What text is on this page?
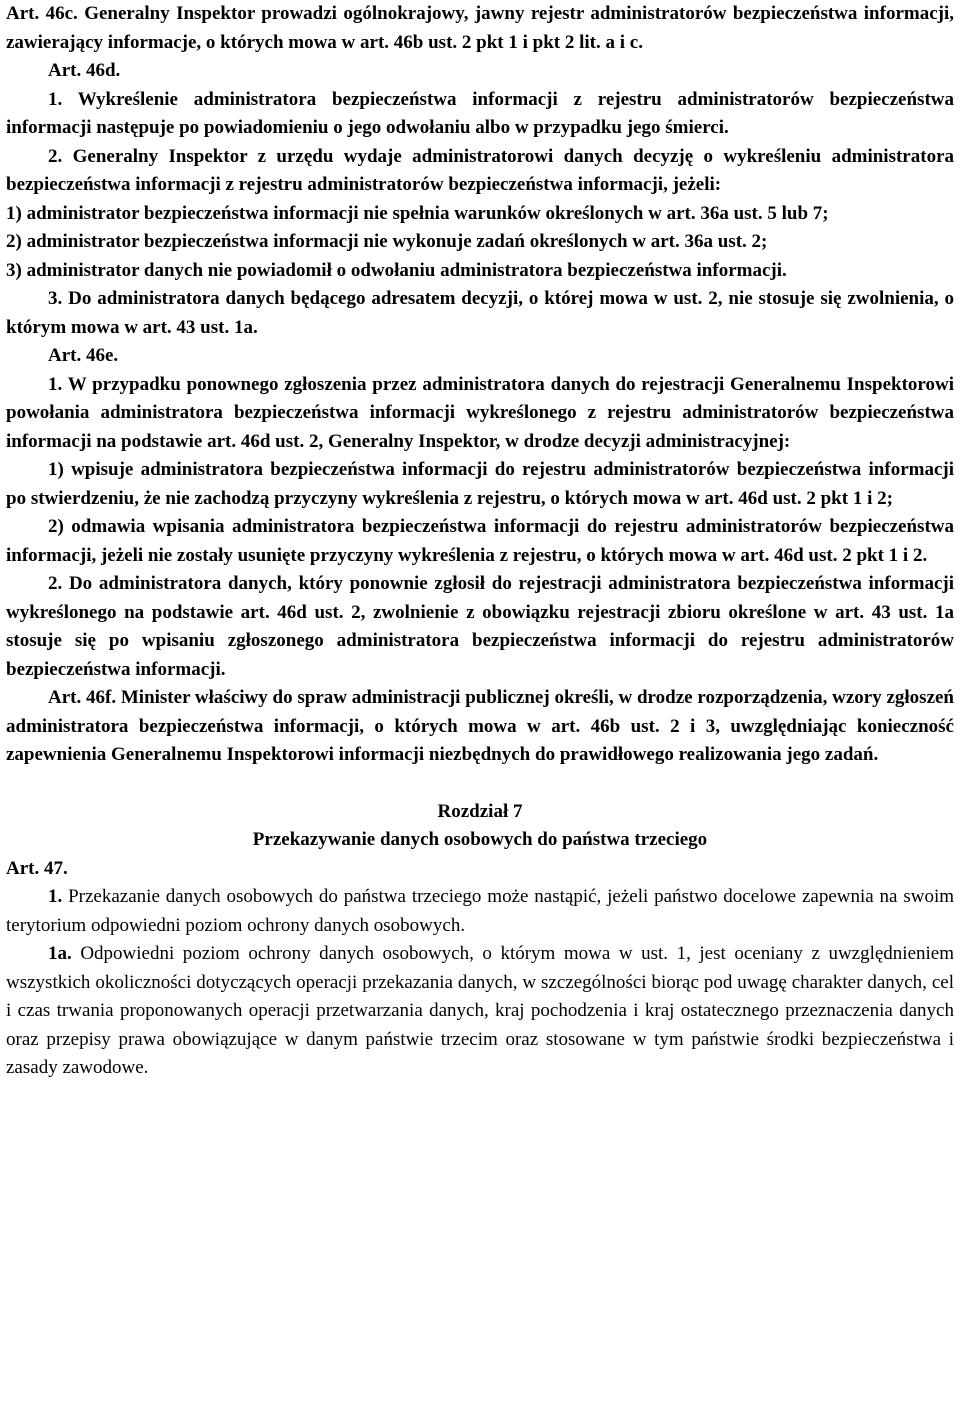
Art. 46c. Generalny Inspektor prowadzi ogólnokrajowy, jawny rejestr administratorów bezpieczeństwa informacji, zawierający informacje, o których mowa w art. 46b ust. 2 pkt 1 i pkt 2 lit. a i c.

Art. 46d.

1. Wykreślenie administratora bezpieczeństwa informacji z rejestru administratorów bezpieczeństwa informacji następuje po powiadomieniu o jego odwołaniu albo w przypadku jego śmierci.

2. Generalny Inspektor z urzędu wydaje administratorowi danych decyzję o wykreśleniu administratora bezpieczeństwa informacji z rejestru administratorów bezpieczeństwa informacji, jeżeli:

1) administrator bezpieczeństwa informacji nie spełnia warunków określonych w art. 36a ust. 5 lub 7;

2) administrator bezpieczeństwa informacji nie wykonuje zadań określonych w art. 36a ust. 2;

3) administrator danych nie powiadomił o odwołaniu administratora bezpieczeństwa informacji.

3. Do administratora danych będącego adresatem decyzji, o której mowa w ust. 2, nie stosuje się zwolnienia, o którym mowa w art. 43 ust. 1a.

Art. 46e.

1. W przypadku ponownego zgłoszenia przez administratora danych do rejestracji Generalnemu Inspektorowi powołania administratora bezpieczeństwa informacji wykreślonego z rejestru administratorów bezpieczeństwa informacji na podstawie art. 46d ust. 2, Generalny Inspektor, w drodze decyzji administracyjnej:

1) wpisuje administratora bezpieczeństwa informacji do rejestru administratorów bezpieczeństwa informacji po stwierdzeniu, że nie zachodzą przyczyny wykreślenia z rejestru, o których mowa w art. 46d ust. 2 pkt 1 i 2;

2) odmawia wpisania administratora bezpieczeństwa informacji do rejestru administratorów bezpieczeństwa informacji, jeżeli nie zostały usunięte przyczyny wykreślenia z rejestru, o których mowa w art. 46d ust. 2 pkt 1 i 2.

2. Do administratora danych, który ponownie zgłosił do rejestracji administratora bezpieczeństwa informacji wykreślonego na podstawie art. 46d ust. 2, zwolnienie z obowiązku rejestracji zbioru określone w art. 43 ust. 1a stosuje się po wpisaniu zgłoszonego administratora bezpieczeństwa informacji do rejestru administratorów bezpieczeństwa informacji.

Art. 46f. Minister właściwy do spraw administracji publicznej określi, w drodze rozporządzenia, wzory zgłoszeń administratora bezpieczeństwa informacji, o których mowa w art. 46b ust. 2 i 3, uwzględniając konieczność zapewnienia Generalnemu Inspektorowi informacji niezbędnych do prawidłowego realizowania jego zadań.

Rozdział 7

Przekazywanie danych osobowych do państwa trzeciego

Art. 47.

1. Przekazanie danych osobowych do państwa trzeciego może nastąpić, jeżeli państwo docelowe zapewnia na swoim terytorium odpowiedni poziom ochrony danych osobowych.

1a. Odpowiedni poziom ochrony danych osobowych, o którym mowa w ust. 1, jest oceniany z uwzględnieniem wszystkich okoliczności dotyczących operacji przekazania danych, w szczególności biorąc pod uwagę charakter danych, cel i czas trwania proponowanych operacji przetwarzania danych, kraj pochodzenia i kraj ostatecznego przeznaczenia danych oraz przepisy prawa obowiązujące w danym państwie trzecim oraz stosowane w tym państwie środki bezpieczeństwa i zasady zawodowe.
